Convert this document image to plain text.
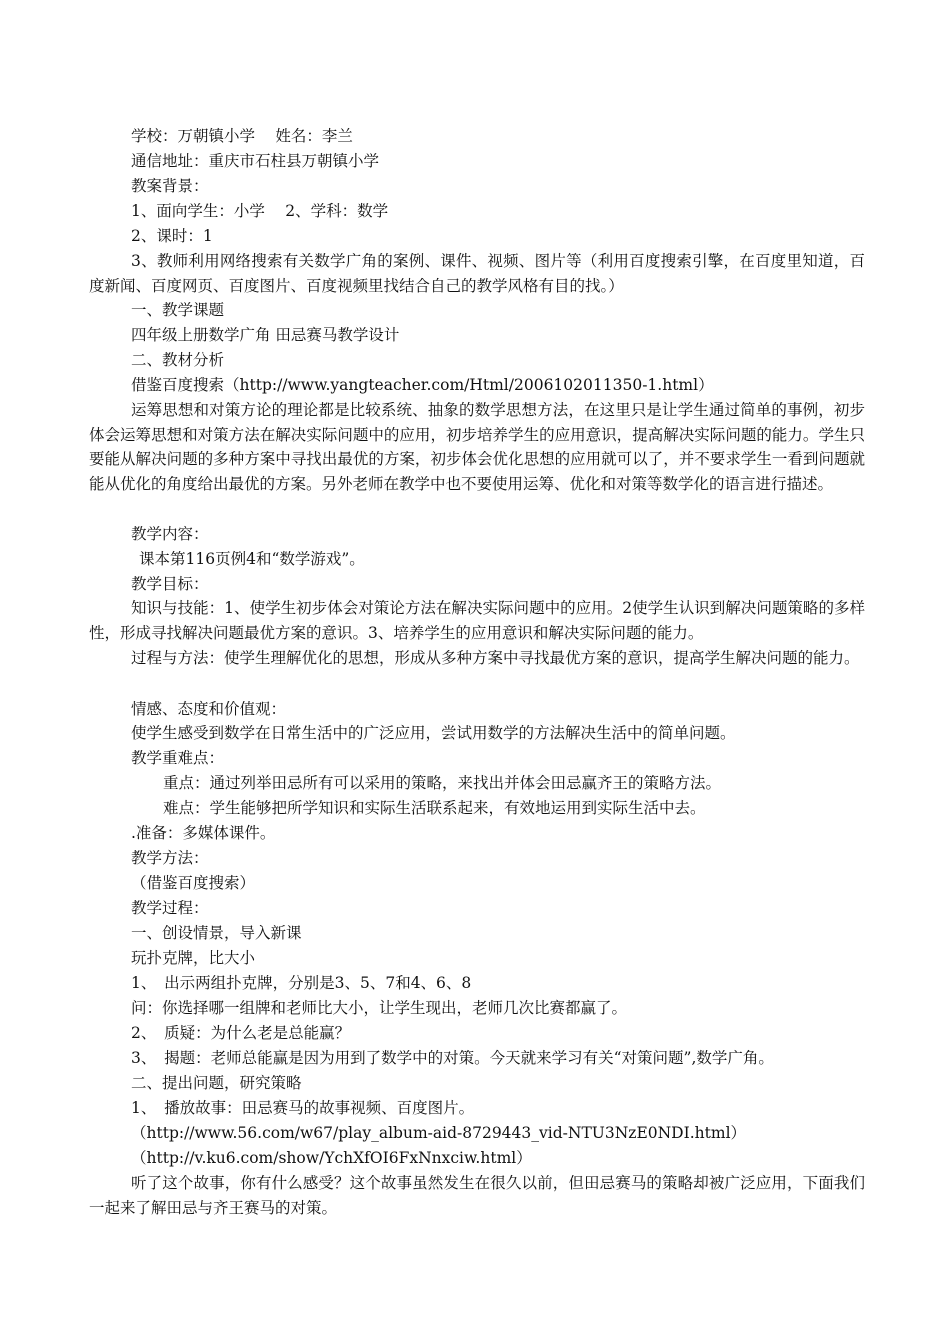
学校：万朝镇小学　 姓名：李兰
通信地址：重庆市石柱县万朝镇小学
教案背景：
1、面向学生：小学　 2、学科：数学
2、课时：1
3、教师利用网络搜索有关数学广角的案例、课件、视频、图片等（利用百度搜索引擎，在百度里知道，百度新闻、百度网页、百度图片、百度视频里找结合自己的教学风格有目的找。）
一、教学课题
四年级上册数学广角 田忌赛马教学设计
二、教材分析
借鉴百度搜索（http://www.yangteacher.com/Html/2006102011350-1.html）
运筹思想和对策方论的理论都是比较系统、抽象的数学思想方法，在这里只是让学生通过简单的事例，初步体会运筹思想和对策方法在解决实际问题中的应用，初步培养学生的应用意识，提高解决实际问题的能力。学生只要能从解决问题的多种方案中寻找出最优的方案，初步体会优化思想的应用就可以了，并不要求学生一看到问题就能从优化的角度给出最优的方案。另外老师在教学中也不要使用运筹、优化和对策等数学化的语言进行描述。
教学内容：
课本第116页例4和“数学游戏”。
教学目标：
知识与技能：1、使学生初步体会对策论方法在解决实际问题中的应用。2使学生认识到解决问题策略的多样性，形成寻找解决问题最优方案的意识。3、培养学生的应用意识和解决实际问题的能力。
过程与方法：使学生理解优化的思想，形成从多种方案中寻找最优方案的意识，提高学生解决问题的能力。
情感、态度和价值观：
使学生感受到数学在日常生活中的广泛应用，尝试用数学的方法解决生活中的简单问题。
教学重难点：
重点：通过列举田忌所有可以采用的策略，来找出并体会田忌赢齐王的策略方法。
难点：学生能够把所学知识和实际生活联系起来，有效地运用到实际生活中去。
.准备：多媒体课件。
教学方法：
（借鉴百度搜索）
教学过程：
一、创设情景，导入新课
玩扑克牌，比大小
1、　出示两组扑克牌，分别是3、5、7和4、6、8
问：你选择哪一组牌和老师比大小，让学生现出，老师几次比赛都赢了。
2、　质疑：为什么老是总能赢？
3、　揭题：老师总能赢是因为用到了数学中的对策。今天就来学习有关“对策问题”,数学广角。
二、提出问题，研究策略
1、　播放故事：田忌赛马的故事视频、百度图片。
（http://www.56.com/w67/play_album-aid-8729443_vid-NTU3NzE0NDI.html）
（http://v.ku6.com/show/YchXfOI6FxNnxciw.html）
听了这个故事，你有什么感受？这个故事虽然发生在很久以前，但田忌赛马的策略却被广泛应用，下面我们一起来了解田忌与齐王赛马的对策。
